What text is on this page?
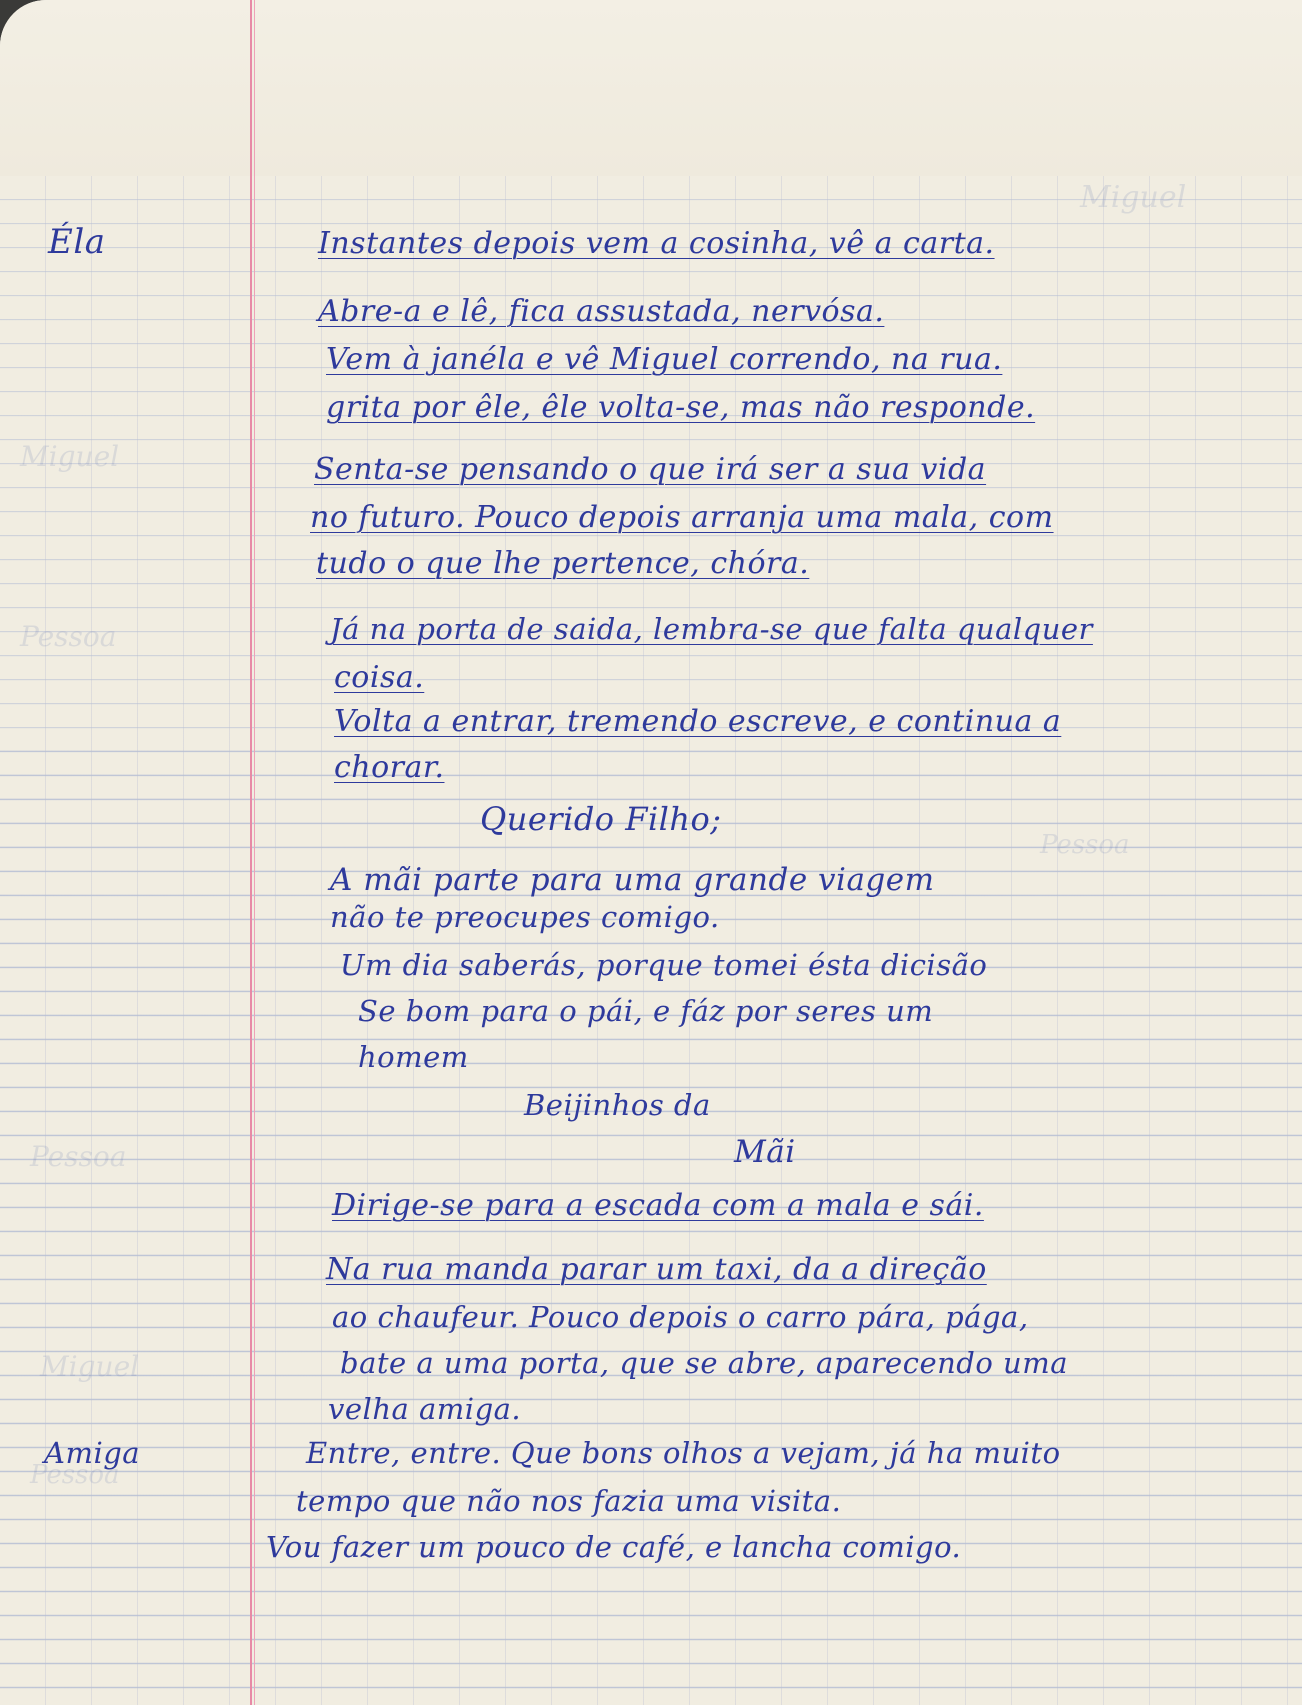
Miguel
Miguel
Pessoa
Pessoa
Pessoa
Miguel
Pessoa
Éla	Instantes depois vem a cosinha, vê a carta.
Abre-a e lê, fica assustada, nervósa.
Vem à janéla e vê Miguel correndo, na rua.
grita por êle, êle volta-se, mas não responde.
Senta-se pensando o que irá ser a sua vida
no futuro. Pouco depois arranja uma mala, com
tudo o que lhe pertence, chóra.
Já na porta de saida, lembra-se que falta qualquer
coisa.
Volta a entrar, tremendo escreve, e continua a
chorar.
Querido Filho;
A mãi parte para uma grande viagem
não te preocupes comigo.
Um dia saberás, porque tomei ésta dicisão
Se bom para o pái, e fáz por seres um
homem
Beijinhos da
Mãi
Dirige-se para a escada com a mala e sái.
Na rua manda parar um taxi, da a direção
ao chaufeur. Pouco depois o carro pára, pága,
bate a uma porta, que se abre, aparecendo uma
velha amiga.
Amiga	Entre, entre. Que bons olhos a vejam, já ha muito
tempo que não nos fazia uma visita.
Vou fazer um pouco de café, e lancha comigo.
